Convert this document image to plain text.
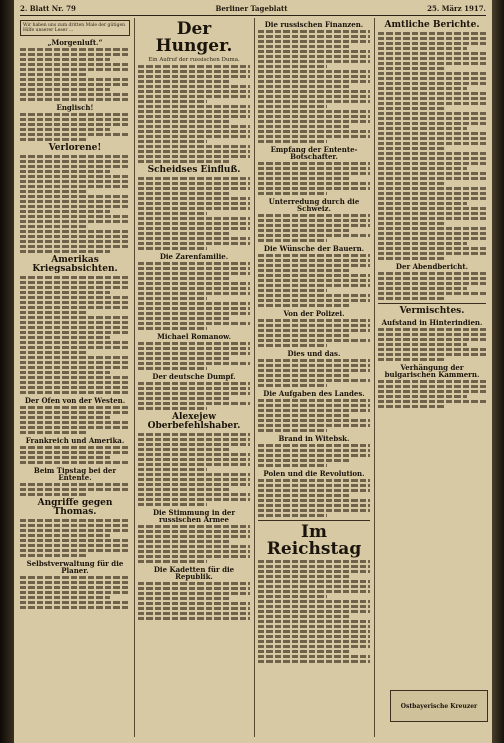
2. Blatt Nr. 79	Berliner Tageblatt	25. März 1917.
Wir haben uns zum dritten Male der gütigen Hilfe unserer Leser ...
„Morgenluft.“
Englisch!
Verlorene!
Amerikas Kriegsabsichten.
Der Ofen von der Westen.
Frankreich und Amerika.
Beim Tipstag bei der Entente.
Angriffe gegen Thomas.
Selbstverwaltung für die Planer.
Der Hunger.
Ein Aufruf der russischen Duma.
Scheidses Einfluß.
Die Zarenfamilie.
Michael Romanow.
Der deutsche Dumpf.
Alexejew Oberbefehlshaber.
Die Stimmung in der russischen Armee
Die Kadetten für die Republik.
Die russischen Finanzen.
Empfang der Entente-Botschafter.
Unterredung durch die Schweiz.
Die Wünsche der Bauern.
Von der Polizei.
Dies und das.
Die Aufgaben des Landes.
Brand in Witebsk.
Polen und die Revolution.
Im Reichstag
Amtliche Berichte.
Der Abendbericht.
Vermischtes.
Aufstand in Hinterindien.
Verhängung der bulgarischen Kammern.
Ostbayerische Kreuzer
